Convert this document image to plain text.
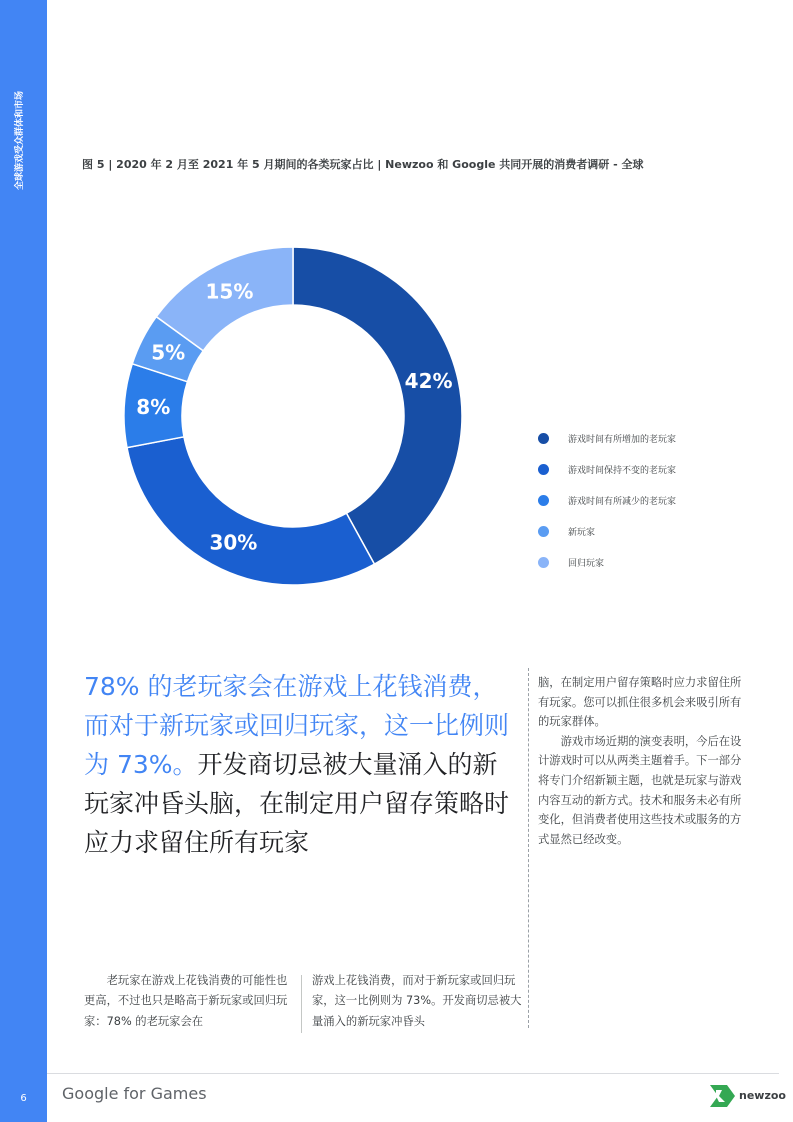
全球游戏受众群体和市场
6
图 5 | 2020 年 2 月至 2021 年 5 月期间的各类玩家占比 | Newzoo 和 Google 共同开展的消费者调研 - 全球
42%
30%
8%
5%
15%
游戏时间有所增加的老玩家
游戏时间保持不变的老玩家
游戏时间有所减少的老玩家
新玩家
回归玩家
78% 的老玩家会在游戏上花钱消费，而对于新玩家或回归玩家，这一比例则为 73%。开发商切忌被大量涌入的新玩家冲昏头脑，在制定用户留存策略时应力求留住所有玩家

脑，在制定用户留存策略时应力求留住所有玩家。您可以抓住很多机会来吸引所有的玩家群体。

游戏市场近期的演变表明，今后在设计游戏时可以从两类主题着手。下一部分将专门介绍新颖主题，也就是玩家与游戏内容互动的新方式。技术和服务未必有所变化，但消费者使用这些技术或服务的方式显然已经改变。

老玩家在游戏上花钱消费的可能性也更高，不过也只是略高于新玩家或回归玩家：78% 的老玩家会在

游戏上花钱消费，而对于新玩家或回归玩家，这一比例则为 73%。开发商切忌被大量涌入的新玩家冲昏头

Google for Games	newzoo
